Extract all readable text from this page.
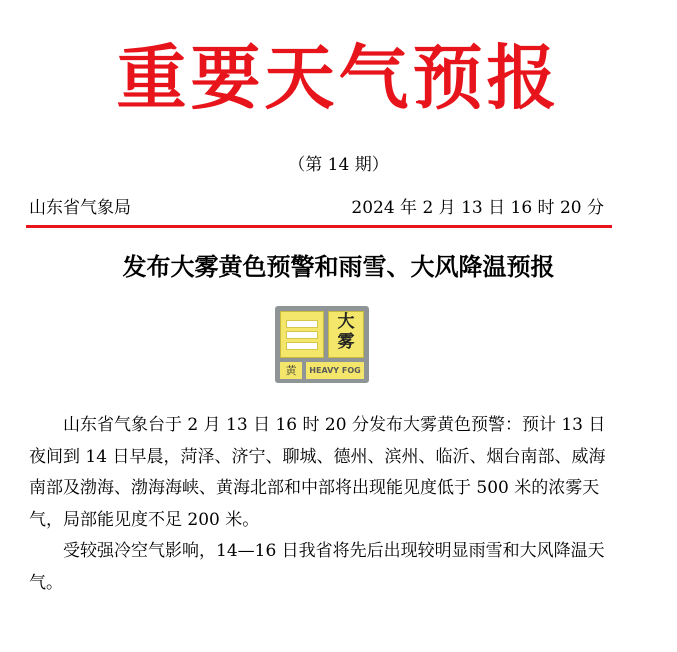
重要天气预报
（第 14 期）
山东省气象局	2024 年 2 月 13 日 16 时 20 分
发布大雾黄色预警和雨雪、大风降温预报
大
雾
黄	HEAVY FOG

山东省气象台于 2 月 13 日 16 时 20 分发布大雾黄色预警：预计 13 日夜间到 14 日早晨，菏泽、济宁、聊城、德州、滨州、临沂、烟台南部、威海南部及渤海、渤海海峡、黄海北部和中部将出现能见度低于 500 米的浓雾天气，局部能见度不足 200 米。

受较强冷空气影响，14—16 日我省将先后出现较明显雨雪和大风降温天气。
